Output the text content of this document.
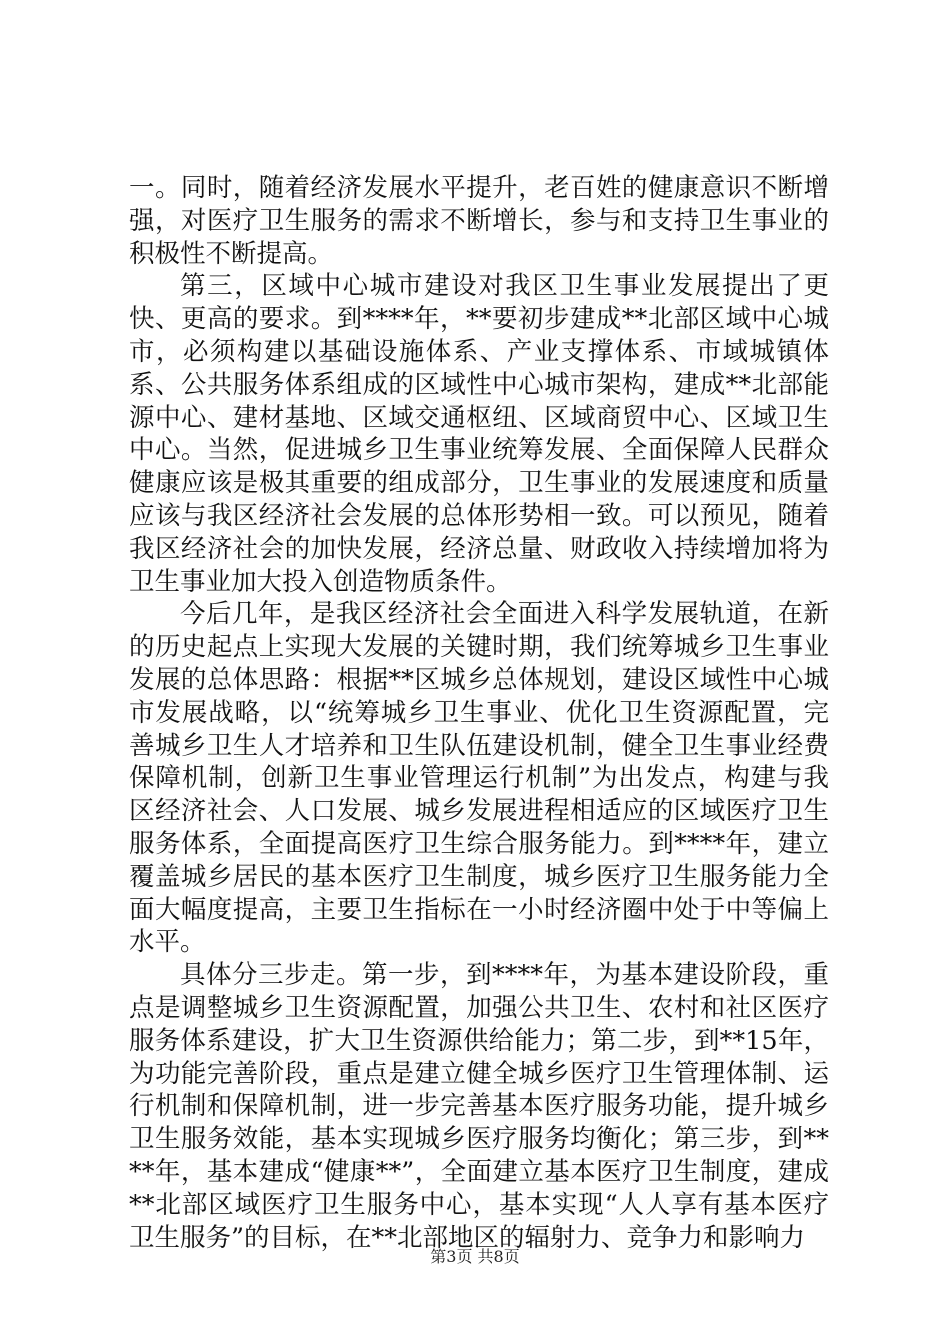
一。同时，随着经济发展水平提升，老百姓的健康意识不断增强，对医疗卫生服务的需求不断增长，参与和支持卫生事业的积极性不断提高。

第三，区域中心城市建设对我区卫生事业发展提出了更快、更高的要求。到****年，**要初步建成**北部区域中心城市，必须构建以基础设施体系、产业支撑体系、市域城镇体系、公共服务体系组成的区域性中心城市架构，建成**北部能源中心、建材基地、区域交通枢纽、区域商贸中心、区域卫生中心。当然，促进城乡卫生事业统筹发展、全面保障人民群众健康应该是极其重要的组成部分，卫生事业的发展速度和质量应该与我区经济社会发展的总体形势相一致。可以预见，随着我区经济社会的加快发展，经济总量、财政收入持续增加将为卫生事业加大投入创造物质条件。

今后几年，是我区经济社会全面进入科学发展轨道，在新的历史起点上实现大发展的关键时期，我们统筹城乡卫生事业发展的总体思路：根据**区城乡总体规划，建设区域性中心城市发展战略，以“统筹城乡卫生事业、优化卫生资源配置，完善城乡卫生人才培养和卫生队伍建设机制，健全卫生事业经费保障机制，创新卫生事业管理运行机制”为出发点，构建与我区经济社会、人口发展、城乡发展进程相适应的区域医疗卫生服务体系，全面提高医疗卫生综合服务能力。到****年，建立覆盖城乡居民的基本医疗卫生制度，城乡医疗卫生服务能力全面大幅度提高，主要卫生指标在一小时经济圈中处于中等偏上水平。

具体分三步走。第一步，到****年，为基本建设阶段，重点是调整城乡卫生资源配置，加强公共卫生、农村和社区医疗服务体系建设，扩大卫生资源供给能力；第二步，到**15年，为功能完善阶段，重点是建立健全城乡医疗卫生管理体制、运行机制和保障机制，进一步完善基本医疗服务功能，提升城乡卫生服务效能，基本实现城乡医疗服务均衡化；第三步，到****年，基本建成“健康**”，全面建立基本医疗卫生制度，建成**北部区域医疗卫生服务中心，基本实现“人人享有基本医疗卫生服务”的目标，在**北部地区的辐射力、竞争力和影响力

第3页 共8页
